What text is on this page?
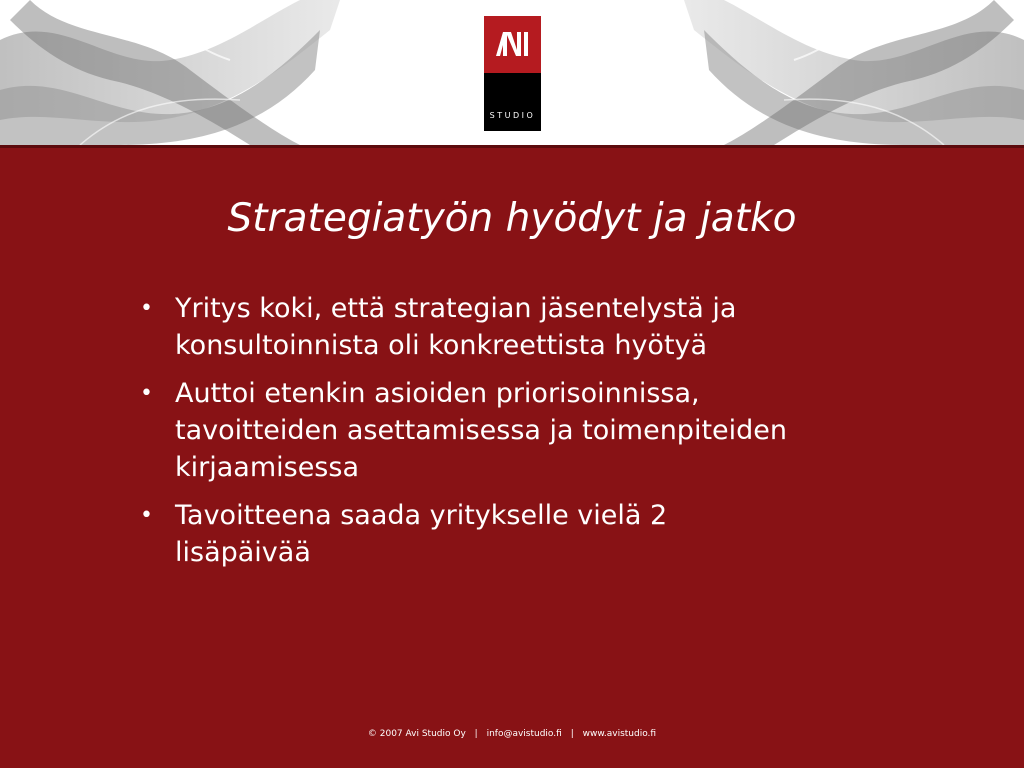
STUDIO
Strategiatyön hyödyt ja jatko
• Yritys koki, että strategian jäsentelystä ja
konsultoinnista oli konkreettista hyötyä
• Auttoi etenkin asioiden priorisoinnissa,
tavoitteiden asettamisessa ja toimenpiteiden
kirjaamisessa
• Tavoitteena saada yritykselle vielä 2
lisäpäivää
© 2007 Avi Studio Oy | info@avistudio.fi | www.avistudio.fi
